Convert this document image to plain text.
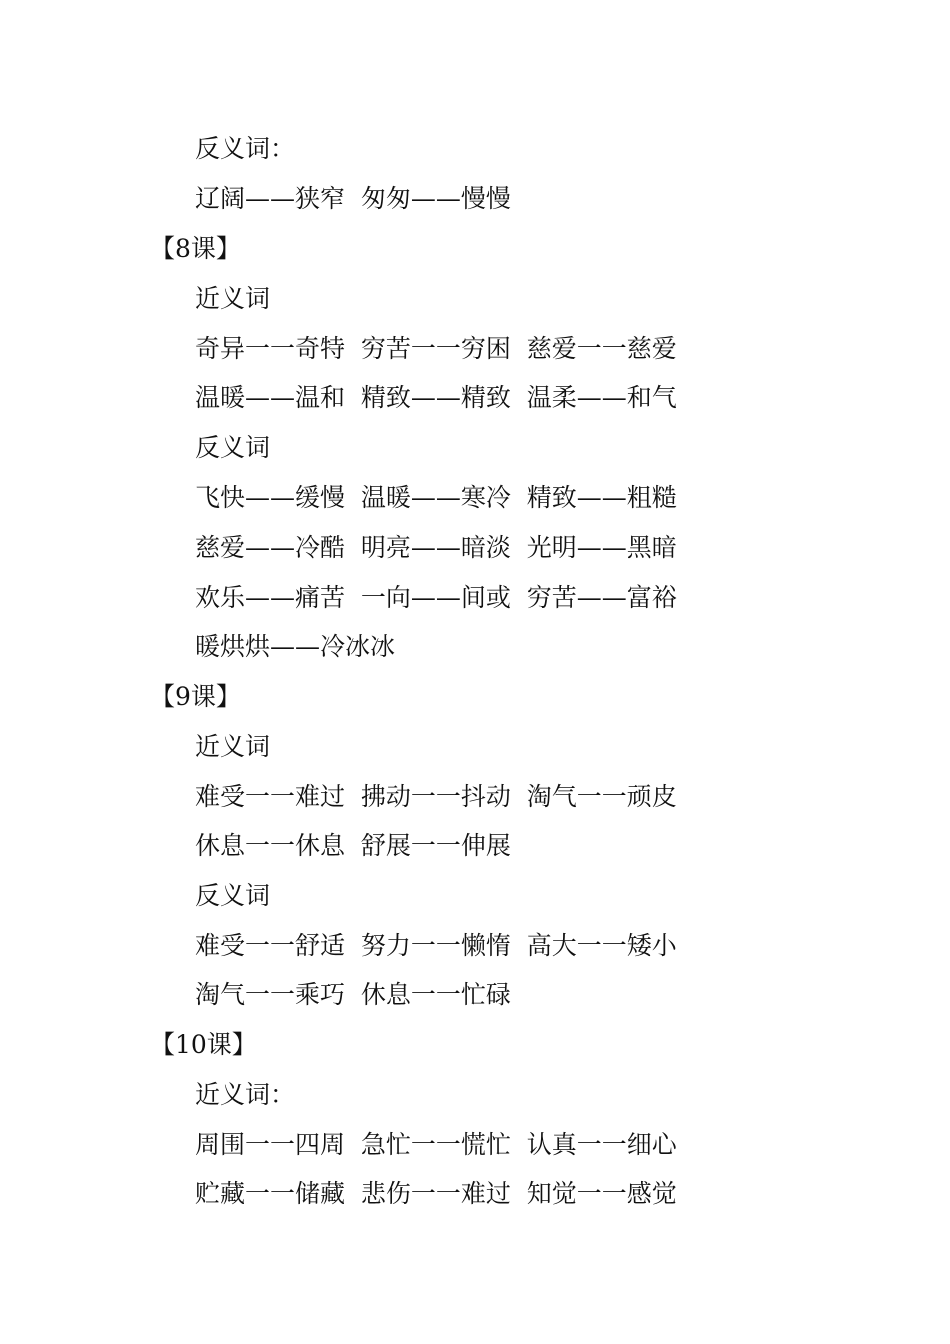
反义词：
辽阔——狭窄  匆匆——慢慢
【8课】
近义词
奇异一一奇特  穷苦一一穷困  慈爱一一慈爱
温暖——温和  精致——精致  温柔——和气
反义词
飞快——缓慢  温暖——寒冷  精致——粗糙
慈爱——冷酷  明亮——暗淡  光明——黑暗
欢乐——痛苦  一向——间或  穷苦——富裕
暖烘烘——冷冰冰
【9课】
近义词
难受一一难过  拂动一一抖动  淘气一一顽皮
休息一一休息  舒展一一伸展
反义词
难受一一舒适  努力一一懒惰  高大一一矮小
淘气一一乘巧  休息一一忙碌
【10课】
近义词：
周围一一四周  急忙一一慌忙  认真一一细心
贮藏一一储藏  悲伤一一难过  知觉一一感觉
